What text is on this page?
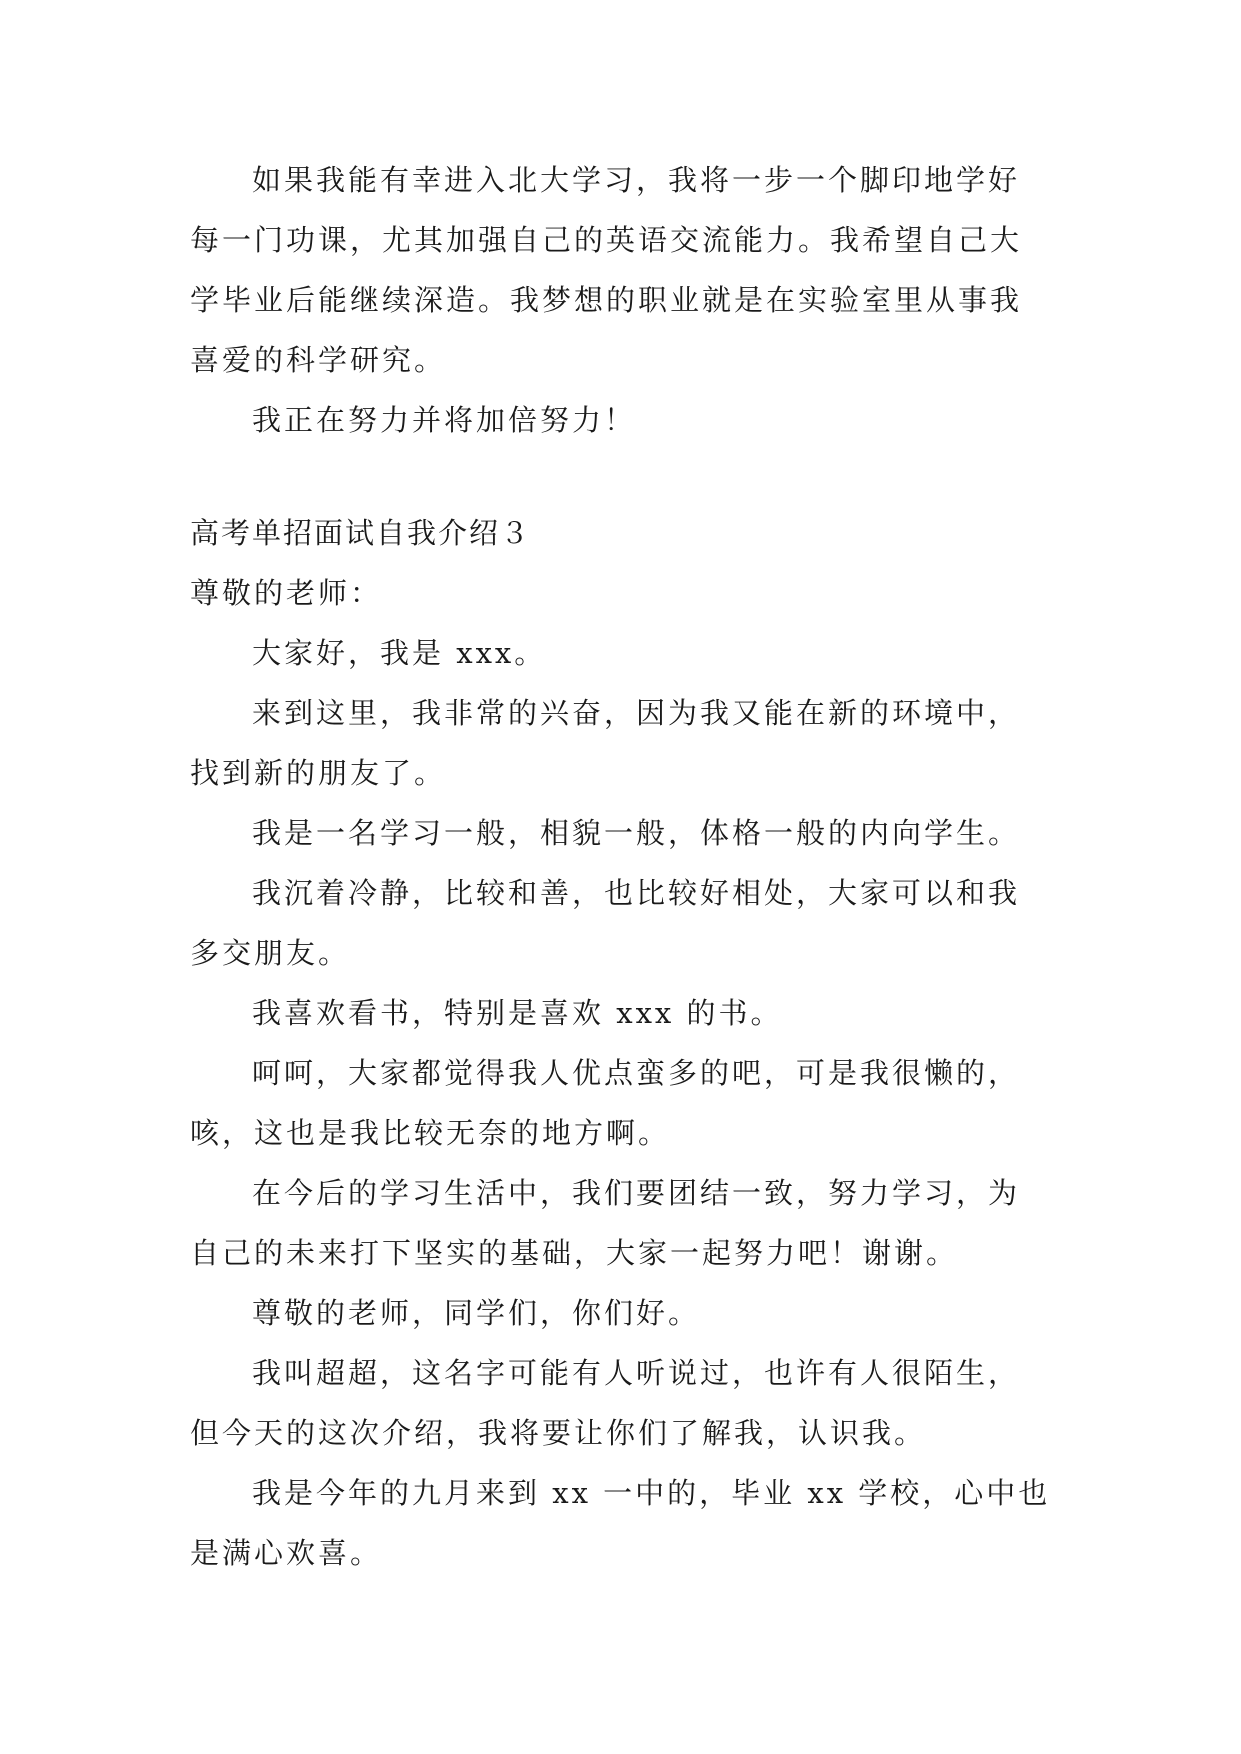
如果我能有幸进入北大学习，我将一步一个脚印地学好
每一门功课，尤其加强自己的英语交流能力。我希望自己大
学毕业后能继续深造。我梦想的职业就是在实验室里从事我
喜爱的科学研究。
我正在努力并将加倍努力！
高考单招面试自我介绍３
尊敬的老师：
大家好，我是 xxx。
来到这里，我非常的兴奋，因为我又能在新的环境中，
找到新的朋友了。
我是一名学习一般，相貌一般，体格一般的内向学生。
我沉着冷静，比较和善，也比较好相处，大家可以和我
多交朋友。
我喜欢看书，特别是喜欢 xxx 的书。
呵呵，大家都觉得我人优点蛮多的吧，可是我很懒的，
咳，这也是我比较无奈的地方啊。
在今后的学习生活中，我们要团结一致，努力学习，为
自己的未来打下坚实的基础，大家一起努力吧！谢谢。
尊敬的老师，同学们，你们好。
我叫超超，这名字可能有人听说过，也许有人很陌生，
但今天的这次介绍，我将要让你们了解我，认识我。
我是今年的九月来到 xx 一中的，毕业 xx 学校，心中也
是满心欢喜。
